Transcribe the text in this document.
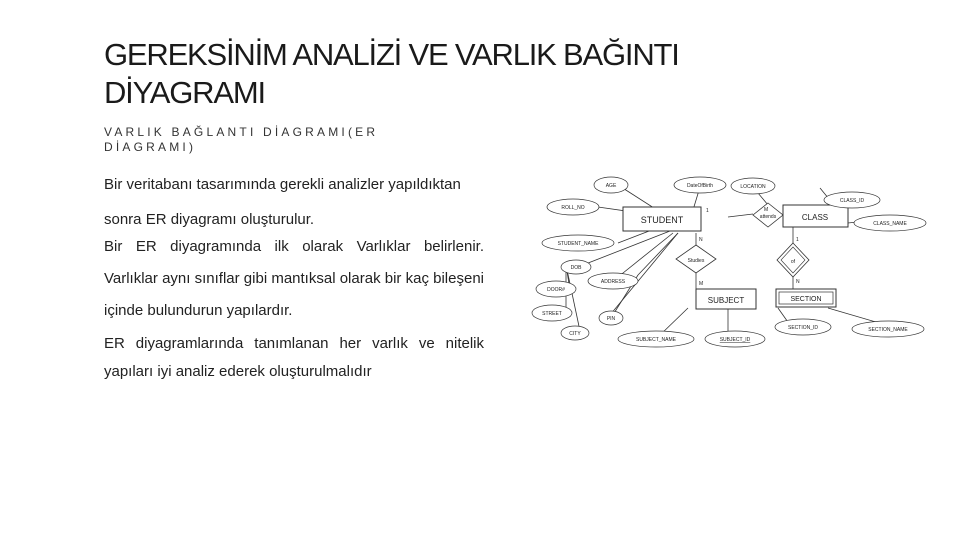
GEREKSİNİM ANALİZİ VE VARLIK BAĞINTI DİYAGRAMI

VARLIK BAĞLANTI DİAGRAMI(ER DİAGRAMI)

Bir veritabanı tasarımında gerekli analizler yapıldıktan sonra ER diyagramı oluşturulur.

Bir ER diyagramında ilk olarak Varlıklar belirlenir. Varlıklar aynı sınıflar gibi mantıksal olarak bir kaç bileşeni içinde bulundurun yapılardır.

ER diyagramlarında tanımlanan her varlık ve nitelik yapıları iyi analiz ederek oluşturulmalıdır

STUDENT	CLASS
SUBJECT	SECTION
attends
Studies	of
AGE	DateOfBirth
ROLL_NO
STUDENT_NAME
DOB
ADDRESS
DOOR#
STREET
CITY
PIN
CLASS_ID
CLASS_NAME
SUBJECT_NAME	SUBJECT_ID
SECTION_ID	SECTION_NAME
LOCATION
1	M
N
M
1
N
